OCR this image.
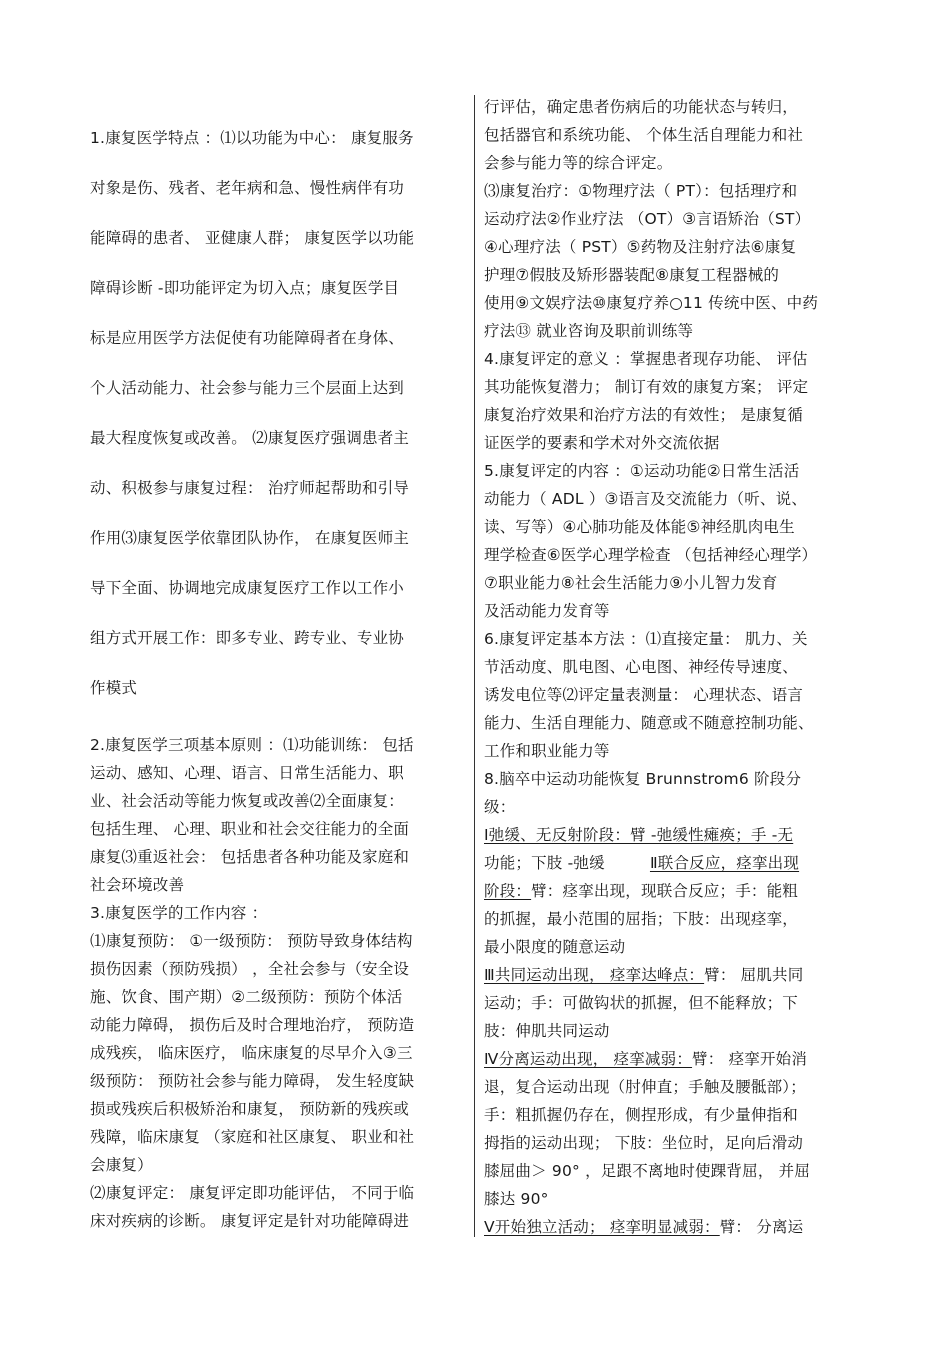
1.康复医学特点 ：⑴以功能为中心： 康复服务
对象是伤、残者、老年病和急、慢性病伴有功
能障碍的患者、 亚健康人群； 康复医学以功能
障碍诊断 -即功能评定为切入点；康复医学目
标是应用医学方法促使有功能障碍者在身体、
个人活动能力、社会参与能力三个层面上达到
最大程度恢复或改善。 ⑵康复医疗强调患者主
动、积极参与康复过程： 治疗师起帮助和引导
作用⑶康复医学依靠团队协作， 在康复医师主
导下全面、协调地完成康复医疗工作以工作小
组方式开展工作：即多专业、跨专业、专业协
作模式
2.康复医学三项基本原则 ：⑴功能训练： 包括
运动、感知、心理、语言、日常生活能力、职
业、社会活动等能力恢复或改善⑵全面康复：
包括生理、 心理、职业和社会交往能力的全面
康复⑶重返社会： 包括患者各种功能及家庭和
社会环境改善
3.康复医学的工作内容 ：
⑴康复预防： ①一级预防： 预防导致身体结构
损伤因素（预防残损） ，全社会参与（安全设
施、饮食、围产期）②二级预防：预防个体活
动能力障碍， 损伤后及时合理地治疗， 预防造
成残疾， 临床医疗， 临床康复的尽早介入③三
级预防： 预防社会参与能力障碍， 发生轻度缺
损或残疾后积极矫治和康复， 预防新的残疾或
残障，临床康复 （家庭和社区康复、 职业和社
会康复）
⑵康复评定： 康复评定即功能评估， 不同于临
床对疾病的诊断。 康复评定是针对功能障碍进
行评估，确定患者伤病后的功能状态与转归，
包括器官和系统功能、 个体生活自理能力和社
会参与能力等的综合评定。
⑶康复治疗：①物理疗法（ PT）：包括理疗和
运动疗法②作业疗法 （OT）③言语矫治（ST）
④心理疗法（ PST）⑤药物及注射疗法⑥康复
护理⑦假肢及矫形器装配⑧康复工程器械的
使用⑨文娱疗法⑩康复疗养○11 传统中医、中药
疗法⑬ 就业咨询及职前训练等
4.康复评定的意义 ：掌握患者现存功能、 评估
其功能恢复潜力； 制订有效的康复方案； 评定
康复治疗效果和治疗方法的有效性； 是康复循
证医学的要素和学术对外交流依据
5.康复评定的内容 ：①运动功能②日常生活活
动能力（ ADL ）③语言及交流能力（听、说、
读、写等）④心肺功能及体能⑤神经肌肉电生
理学检查⑥医学心理学检查 （包括神经心理学）
⑦职业能力⑧社会生活能力⑨小儿智力发育
及活动能力发育等
6.康复评定基本方法 ：⑴直接定量： 肌力、关
节活动度、肌电图、心电图、神经传导速度、
诱发电位等⑵评定量表测量： 心理状态、语言
能力、生活自理能力、随意或不随意控制功能、
工作和职业能力等
8.脑卒中运动功能恢复 Brunnstrom6 阶段分
级：
Ⅰ弛缓、无反射阶段：臂 -弛缓性瘫痪；手 -无
功能；下肢 -弛缓	Ⅱ联合反应，痉挛出现
阶段：臂：痉挛出现，现联合反应；手：能粗
的抓握，最小范围的屈指；下肢：出现痉挛，
最小限度的随意运动
Ⅲ共同运动出现， 痉挛达峰点：臂： 屈肌共同
运动；手：可做钩状的抓握，但不能释放；下
肢：伸肌共同运动
Ⅳ分离运动出现， 痉挛减弱：臂： 痉挛开始消
退，复合运动出现（肘伸直；手触及腰骶部）；
手：粗抓握仍存在，侧捏形成，有少量伸指和
拇指的运动出现； 下肢：坐位时，足向后滑动
膝屈曲＞ 90° ，足跟不离地时使踝背屈， 并屈
膝达 90°
Ⅴ开始独立活动； 痉挛明显减弱：臂： 分离运
